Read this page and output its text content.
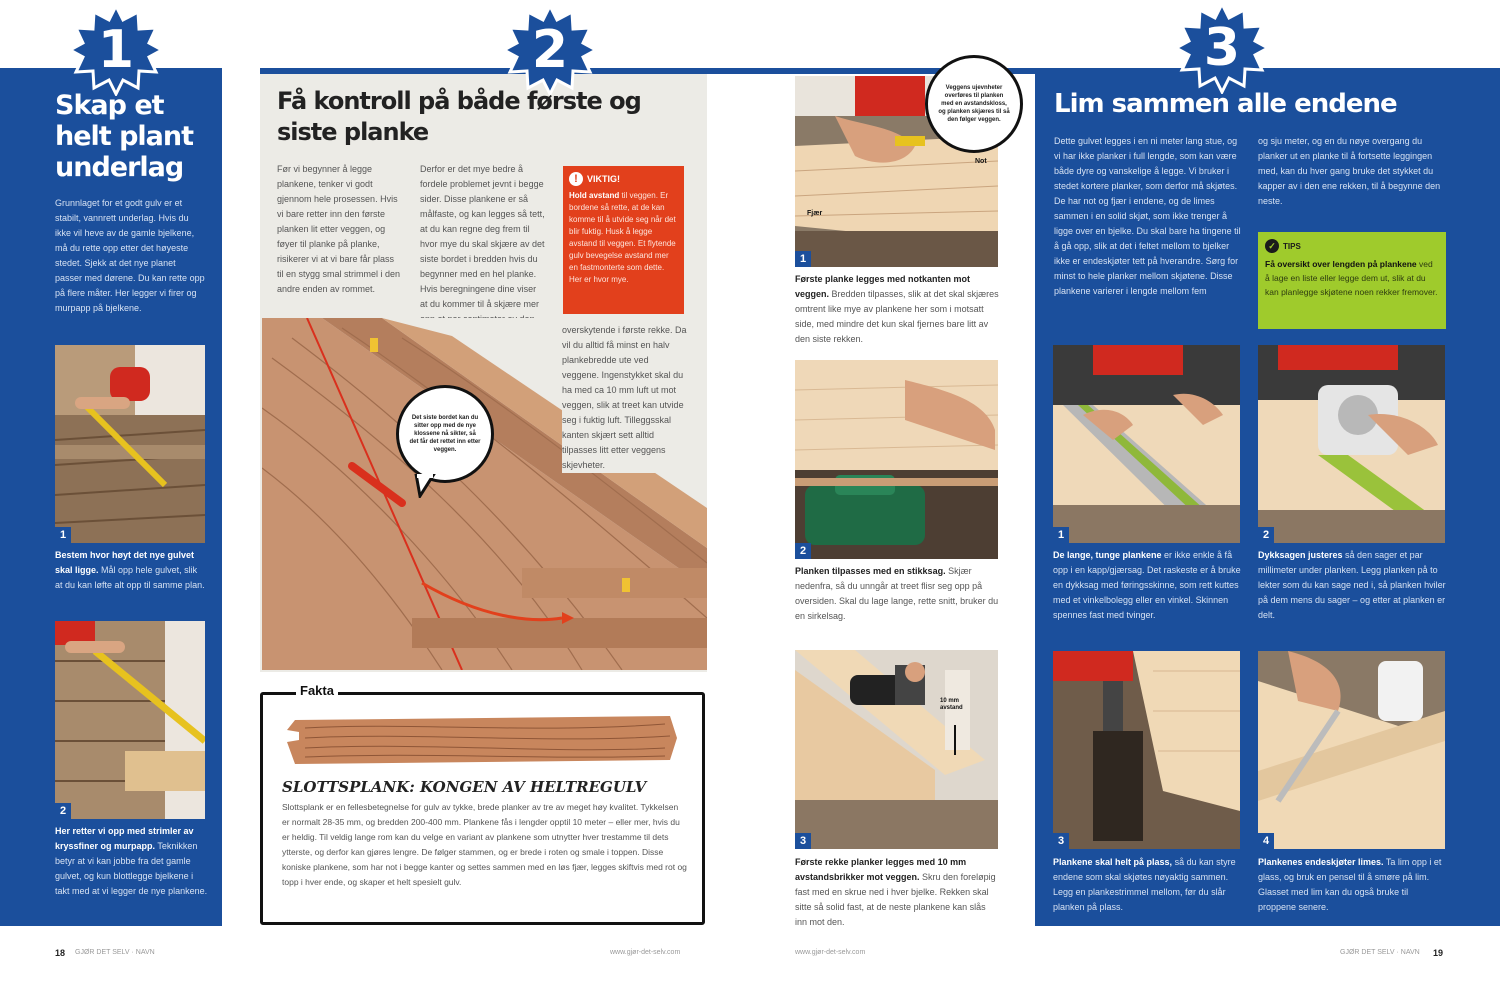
1
Skap et helt plant underlag
Grunnlaget for et godt gulv er et stabilt, vannrett underlag. Hvis du ikke vil heve av de gamle bjelkene, må du rette opp etter det høyeste stedet. Sjekk at det nye planet passer med dørene. Du kan rette opp på flere måter. Her legger vi firer og murpapp på bjelkene.
1
Bestem hvor høyt det nye gulvet skal ligge. Mål opp hele gulvet, slik at du kan løfte alt opp til samme plan.
2
Her retter vi opp med strimler av kryssfiner og murpapp. Teknikken betyr at vi kan jobbe fra det gamle gulvet, og kun blottlegge bjelkene i takt med at vi legger de nye plankene.
2
Få kontroll på både første og siste planke
Før vi begynner å legge plankene, tenker vi godt gjennom hele prosessen. Hvis vi bare retter inn den første planken lit etter veggen, og føyer til planke på planke, risikerer vi at vi bare får plass til en stygg smal strimmel i den andre enden av rommet.
Derfor er det mye bedre å fordele problemet jevnt i begge sider. Disse plankene er så målfaste, og kan legges så tett, at du kan regne deg frem til hvor mye du skal skjære av det siste bordet i bredden hvis du begynner med en hel planke. Hvis beregningene dine viser at du kommer til å skjære mer
overskytende i første rekke. Da vil du alltid få minst en halv plankebredde ute ved veggene. Ingenstykket skal du ha med ca 10 mm luft ut mot veggen, slik at treet kan utvide seg i fuktig luft. Tilleggsskal kanten skjært sett alltid tilpasses litt etter veggens skjevheter.
!	VIKTIG!
Hold avstand til veggen. Er bordene så rette, at de kan komme til å utvide seg når det blir fuktig. Husk å legge avstand til veggen. Et flytende gulv bevegelse avstand mer en fastmonterte som dette. Her er hvor mye.
Det siste bordet kan du sitter opp med de nye klossene nå sikter, så det får det rettet inn etter veggen.
Fakta
SLOTTSPLANK: KONGEN AV HELTREGULV
Slottsplank er en fellesbetegnelse for gulv av tykke, brede planker av tre av meget høy kvalitet. Tykkelsen er normalt 28-35 mm, og bredden 200-400 mm. Plankene fås i lengder opptil 10 meter – eller mer, hvis du er heldig. Til veldig lange rom kan du velge en variant av plankene som utnytter hver trestamme til dets ytterste, og derfor kan gjøres lengre. De følger stammen, og er brede i roten og smale i toppen. Disse koniske plankene, som har not i begge kanter og settes sammen med en løs fjær, legges skiftvis med rot og topp i hver ende, og skaper et helt spesielt gulv.
Fjær
Not
1
Veggens ujevnheter overføres til planken med en avstandskloss, og planken skjæres til så den følger veggen.
Første planke legges med notkanten mot veggen. Bredden tilpasses, slik at det skal skjæres omtrent like mye av plankene her som i motsatt side, med mindre det kun skal fjernes bare litt av den siste rekken.
2
Planken tilpasses med en stikksag. Skjær nedenfra, så du unngår at treet flisr seg opp på oversiden. Skal du lage lange, rette snitt, bruker du en sirkelsag.
10 mm avstand
3
Første rekke planker legges med 10 mm avstandsbrikker mot veggen. Skru den foreløpig fast med en skrue ned i hver bjelke. Rekken skal sitte så solid fast, at de neste plankene kan slås inn mot den.
3
Lim sammen alle endene
Dette gulvet legges i en ni meter lang stue, og vi har ikke planker i full lengde, som kan være både dyre og vanskelige å legge. Vi bruker i stedet kortere planker, som derfor må skjøtes. De har not og fjær i endene, og de limes sammen i en solid skjøt, som ikke trenger å ligge over en bjelke. Du skal bare ha tingene til å gå opp, slik at det i feltet mellom to bjelker ikke er endeskjøter tett på hverandre. Sørg for minst to hele planker mellom skjøtene. Disse plankene varierer i lengde mellom fem
og sju meter, og en du nøye overgang du planker ut en planke til å fortsette leggingen med, kan du hver gang bruke det stykket du kapper av i den ene rekken, til å begynne den neste.
✓ TIPS
Få oversikt over lengden på plankene ved å lage en liste eller legge dem ut, slik at du kan planlegge skjøtene noen rekker fremover.
1	2
De lange, tunge plankene er ikke enkle å få opp i en kapp/gjærsag. Det raskeste er å bruke en dykksag med føringsskinne, som rett kuttes med et vinkelbolegg eller en vinkel. Skinnen spennes fast med tvinger.
Dykksagen justeres så den sager et par millimeter under planken. Legg planken på to lekter som du kan sage ned i, så planken hviler på dem mens du sager – og etter at planken er delt.
3	4
Plankene skal helt på plass, så du kan styre endene som skal skjøtes nøyaktig sammen. Legg en plankestrimmel mellom, før du slår planken på plass.
Plankenes endeskjøter limes. Ta lim opp i et glass, og bruk en pensel til å smøre på lim. Glasset med lim kan du også bruke til proppene senere.
18 GJØR DET SELV · NAVN	www.gjør-det-selv.com	www.gjør-det-selv.com	GJØR DET SELV · NAVN 19
